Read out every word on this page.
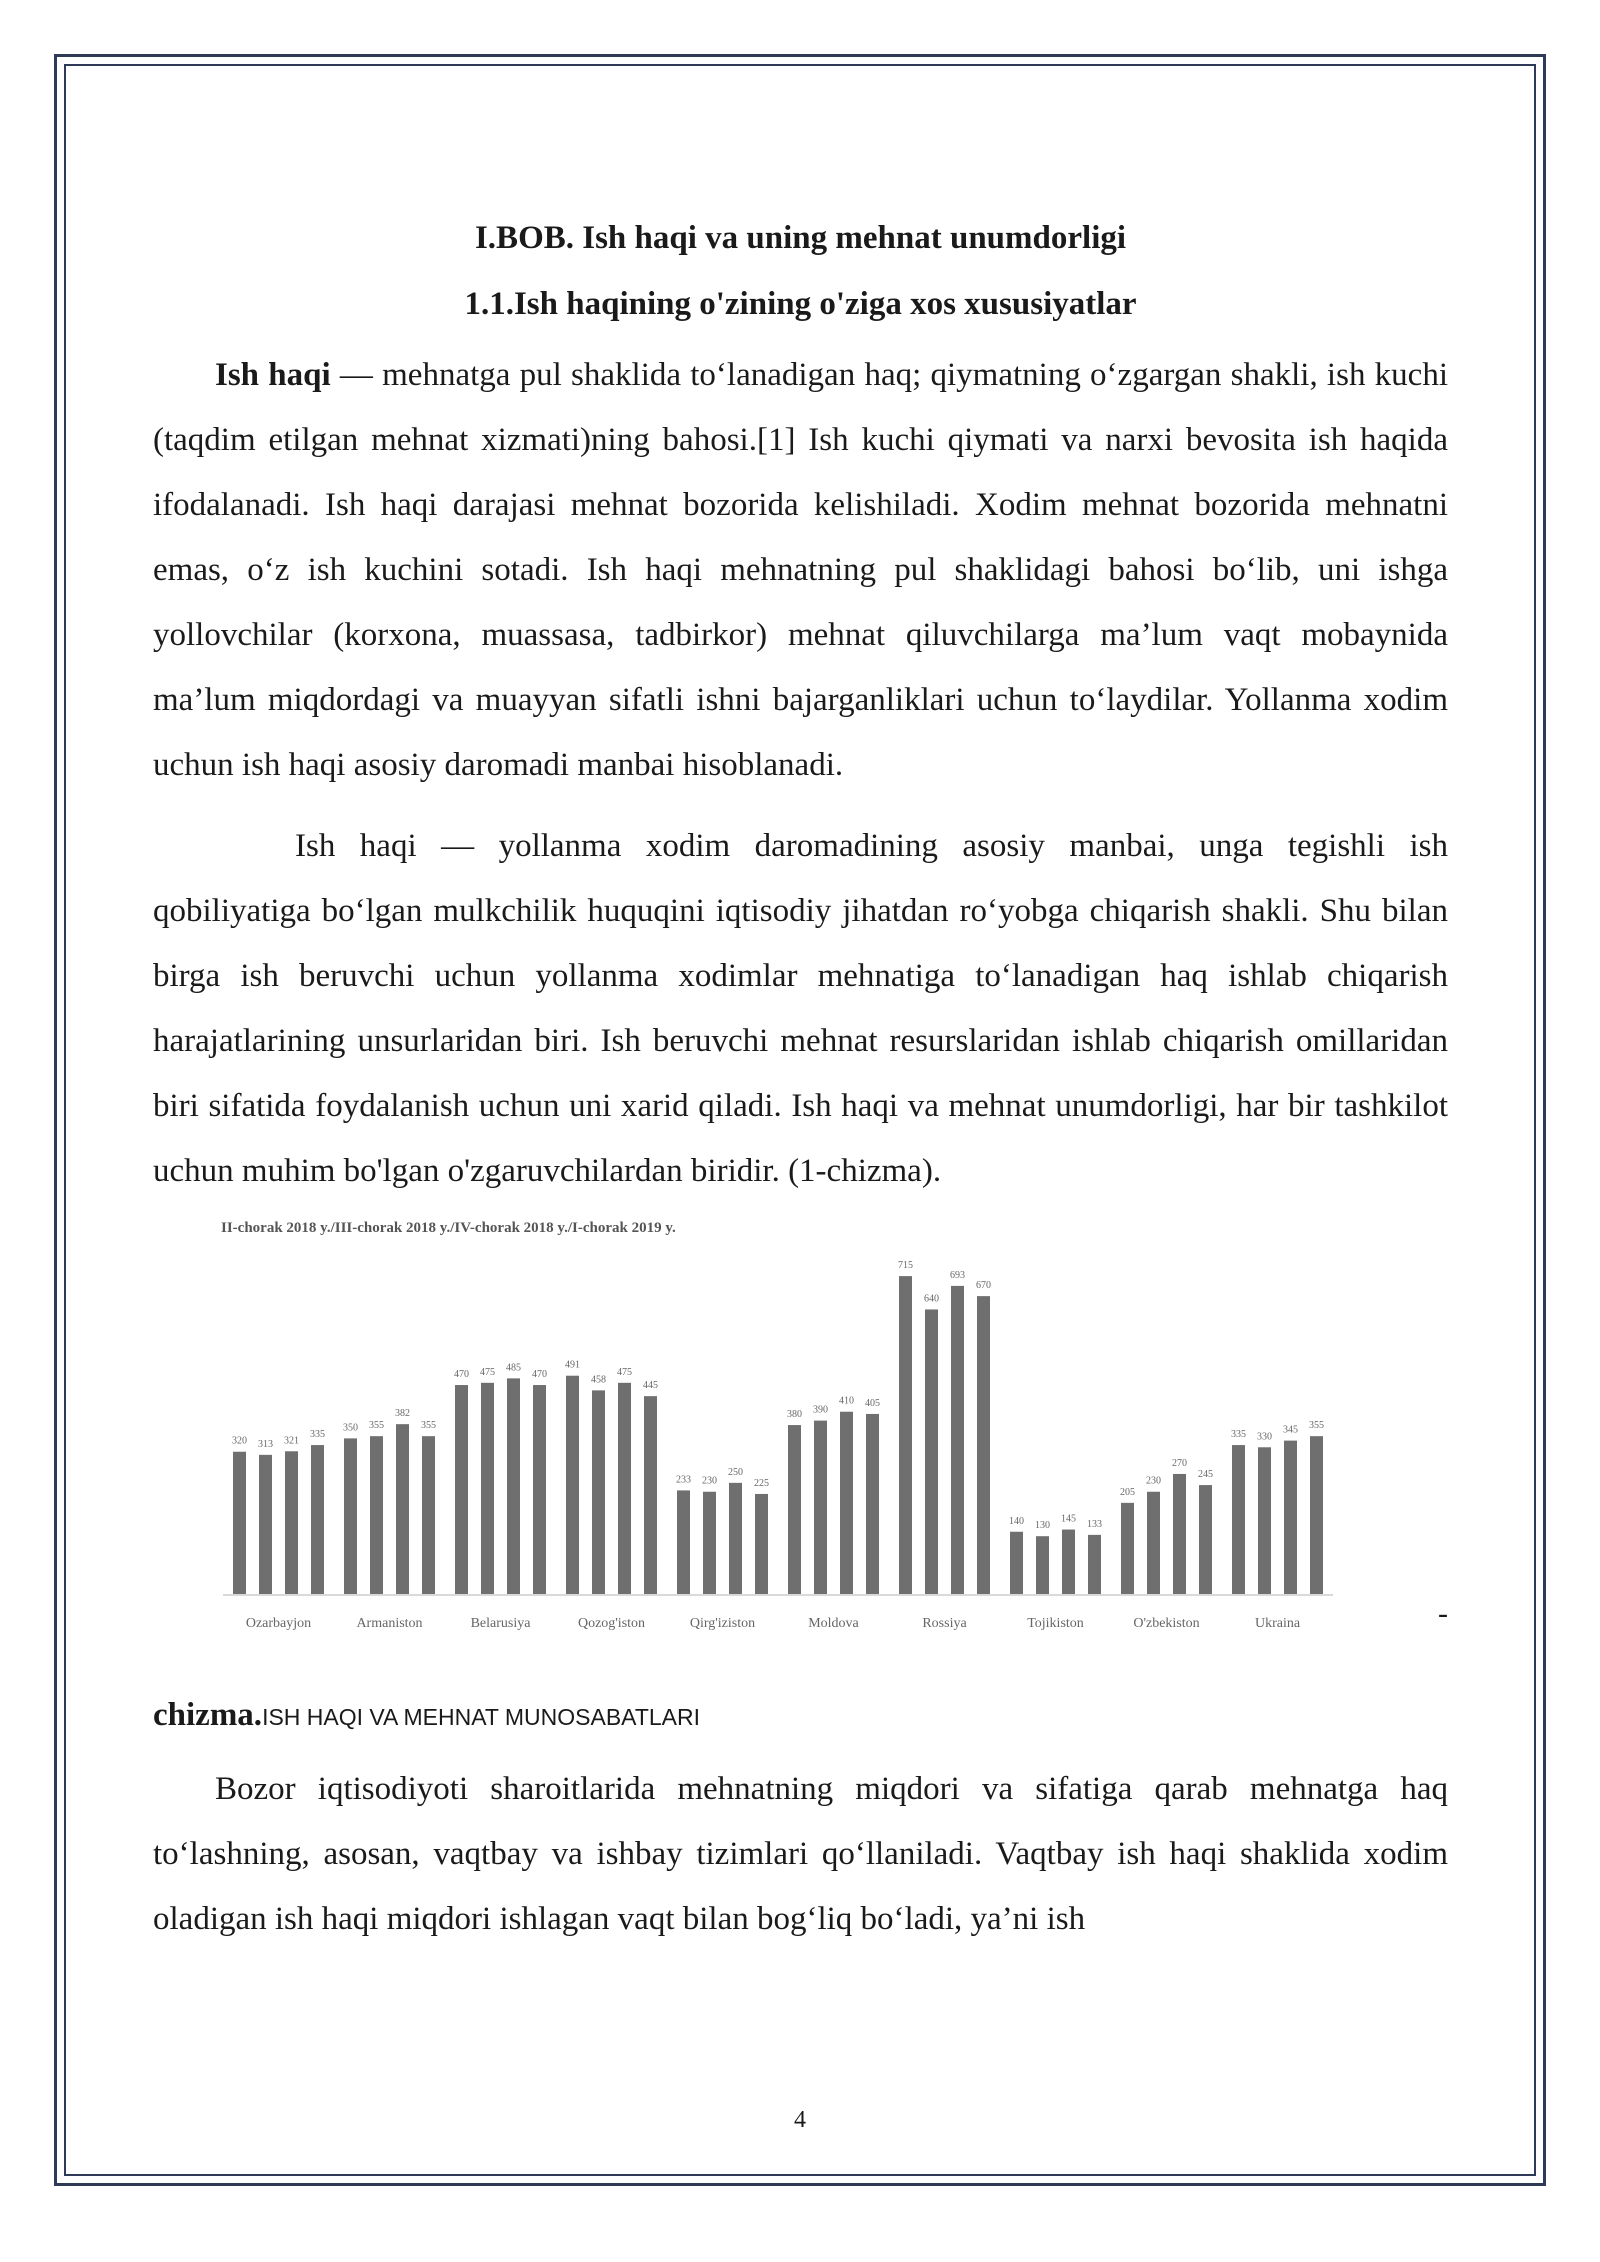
I.BOB. Ish haqi va uning mehnat unumdorligi
1.1.Ish haqining o'zining o'ziga xos xususiyatlar

Ish haqi — mehnatga pul shaklida toʻlanadigan haq; qiymatning oʻzgargan shakli, ish kuchi (taqdim etilgan mehnat xizmati)ning bahosi.[1] Ish kuchi qiymati va narxi bevosita ish haqida ifodalanadi. Ish haqi darajasi mehnat bozorida kelishiladi. Xodim mehnat bozorida mehnatni emas, oʻz ish kuchini sotadi. Ish haqi mehnatning pul shaklidagi bahosi boʻlib, uni ishga yollovchilar (korxona, muassasa, tadbirkor) mehnat qiluvchilarga ma’lum vaqt mobaynida ma’lum miqdordagi va muayyan sifatli ishni bajarganliklari uchun toʻlaydilar. Yollanma xodim uchun ish haqi asosiy daromadi manbai hisoblanadi.

Ish haqi — yollanma xodim daromadining asosiy manbai, unga tegishli ish qobiliyatiga boʻlgan mulkchilik huquqini iqtisodiy jihatdan roʻyobga chiqarish shakli. Shu bilan birga ish beruvchi uchun yollanma xodimlar mehnatiga toʻlanadigan haq ishlab chiqarish harajatlarining unsurlaridan biri. Ish beruvchi mehnat resurslaridan ishlab chiqarish omillaridan biri sifatida foydalanish uchun uni xarid qiladi. Ish haqi va mehnat unumdorligi, har bir tashkilot uchun muhim bo'lgan o'zgaruvchilardan biridir. (1-chizma).

II-chorak 2018 y./III-chorak 2018 y./IV-chorak 2018 y./I-chorak 2019 y.
320 313 321
335
Ozarbayjon
350 355
382
355
Armaniston
470 475 485
470
Belarusiya
491
458
475
445
Qozog'iston
233 230
250
225
Qirg'iziston
380 390
410 405
Moldova
715
640
693
670
Rossiya
140 130
145 133
Tojikiston
205
230
270
245
O'zbekiston
335 330
345 355
Ukraina	-
chizma.ISH HAQI VA MEHNAT MUNOSABATLARI

Bozor iqtisodiyoti sharoitlarida mehnatning miqdori va sifatiga qarab mehnatga haq toʻlashning, asosan, vaqtbay va ishbay tizimlari qoʻllaniladi. Vaqtbay ish haqi shaklida xodim oladigan ish haqi miqdori ishlagan vaqt bilan bogʻliq boʻladi, ya’ni ish

4
